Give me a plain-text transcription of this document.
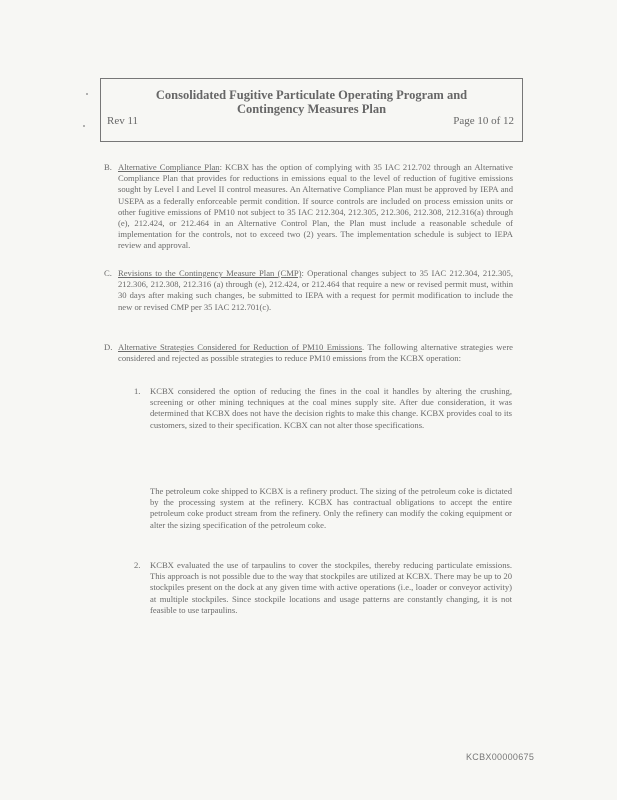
Consolidated Fugitive Particulate Operating Program and
Contingency Measures Plan
Rev 11	Page 10 of 12
B. Alternative Compliance Plan: KCBX has the option of complying with 35 IAC 212.702 through an Alternative Compliance Plan that provides for reductions in emissions equal to the level of reduction of fugitive emissions sought by Level I and Level II control measures. An Alternative Compliance Plan must be approved by IEPA and USEPA as a federally enforceable permit condition. If source controls are included on process emission units or other fugitive emissions of PM10 not subject to 35 IAC 212.304, 212.305, 212.306, 212.308, 212.316(a) through (e), 212.424, or 212.464 in an Alternative Control Plan, the Plan must include a reasonable schedule of implementation for the controls, not to exceed two (2) years. The implementation schedule is subject to IEPA review and approval.
C. Revisions to the Contingency Measure Plan (CMP): Operational changes subject to 35 IAC 212.304, 212.305, 212.306, 212.308, 212.316 (a) through (e), 212.424, or 212.464 that require a new or revised permit must, within 30 days after making such changes, be submitted to IEPA with a request for permit modification to include the new or revised CMP per 35 IAC 212.701(c).
D. Alternative Strategies Considered for Reduction of PM10 Emissions. The following alternative strategies were considered and rejected as possible strategies to reduce PM10 emissions from the KCBX operation:
1. KCBX considered the option of reducing the fines in the coal it handles by altering the crushing, screening or other mining techniques at the coal mines supply site. After due consideration, it was determined that KCBX does not have the decision rights to make this change. KCBX provides coal to its customers, sized to their specification. KCBX can not alter those specifications.
The petroleum coke shipped to KCBX is a refinery product. The sizing of the petroleum coke is dictated by the processing system at the refinery. KCBX has contractual obligations to accept the entire petroleum coke product stream from the refinery. Only the refinery can modify the coking equipment or alter the sizing specification of the petroleum coke.
2. KCBX evaluated the use of tarpaulins to cover the stockpiles, thereby reducing particulate emissions. This approach is not possible due to the way that stockpiles are utilized at KCBX. There may be up to 20 stockpiles present on the dock at any given time with active operations (i.e., loader or conveyor activity) at multiple stockpiles. Since stockpile locations and usage patterns are constantly changing, it is not feasible to use tarpaulins.
KCBX00000675
